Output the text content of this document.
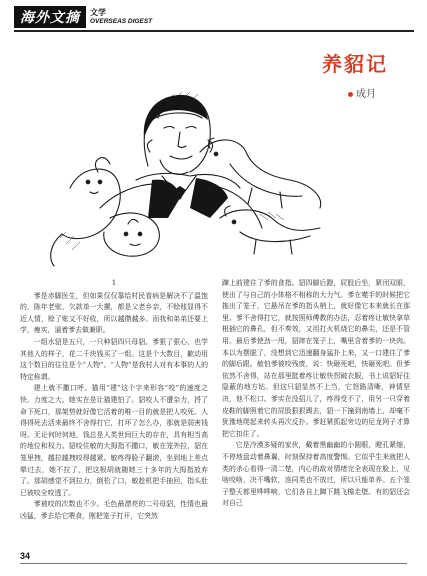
海外文摘	文学
OVERSEAS DIGEST
养貂记
成月

1

爹是赤脚医生，但如果仅仅靠给村民看病是解决不了温饱的，陈年老账、欠款单一大摞，都是父老乡亲，不赊账显得不近人情，赊了账又不好收，所以越攒越多。而我和弟弟还要上学，瘦实，逼着爹去做兼职。

一组水貂是五只，一只种貂四只母貂。爹狠了狠心，也学其他人的样子，花二千块钱买了一组。这是个大数目，歉动用这个数目的往往是个“人物”。“人物”是我村人对有本事的人的特定称谓。

建上就不撒口呼。猫用“建”这个字来形容“咬”的速度之快、力度之大。她实在是让猫建怕了。貂咬人不遭杂力，捋了命下死口，那架势就好像它活着的唯一目的就是把人咬死。人得得死去活来最终不舍得打它，打坏了怎么办，那就是弱害钱呀。无论何时何地，钱总是人类世间巨大的存在，具有相当高的地位和权力。貂咬住敏的大拇指不撒口，敏在笼外拉，貂在笼里拽，越拉越拽咬得越紧。敏疼得脸子翻滚，坐到地上差点晕过去，她不拉了，把这根胡就随她三十多年的大拇指放弃了。那胡感觉不到拉力，倒松了口，敏趁机把手抽回，指头肚已被咬全咬透了。

爹被咬的次数也不少。毛色最漂亮的二号母貂，性情也最凶猛，爹去给它喂食，刚把笼子打开，它突然

蹿上前建住了爹的食指。貂四脚后蹬，屁股后坐，紧闭双眼，使出了与自己的小体格不相称的大力气。爹在噬手的时候把它拖出了笼子，它悬吊在爹的指头梢上，就好像它本来就长在那里。爹不舍得打它，就按照师傅教的办法，忍着疼让敏快拿草根插它的鼻孔，但不奏效，又用打火机烧它的鼻尖，还是不管用。最后爹使劲一甩，貂摔在笼子上，嘴里含着爹的一块肉。本以为摆脱了，没想到它迅速翻身猛扑上来，又一口建住了爹的脚后跟。敏怕爹被咬残废，说：快砸死吧，快砸死吧。但爹依然不舍得，站在那里挺着疼让敏快拐破衣服，书上说貂好往隐蔽的地方钻。但这只貂显然不上当，它怒路清晰，神情坚决，他不松口。爹实在没招儿了，疼得受不了，用另一只穿着皮鞋的脚照着它的屁股狠狠踢去，貂一下撞到南墙上，却毫不犹豫地爬起来转头再次反扑。爹赶紧抓起旁边的尼龙网子才算把它扣住了。

它是冷漠多疑的家伙，戴着黑幽幽的小圆眼，瞪孔紧缩，不停地盘动着鼻翼，时刻保持着高度警惕。它似乎生来就把人类的杀心看得一清二楚，内心的敌对情绪完全表现在脸上，见啥咬啥，决不嘴软，连同类也不放过，所以只能单养。五个笼子整天都里哗哗响，它们各自上蹿下跳飞檐走壁。有的貂还会对自己

34
